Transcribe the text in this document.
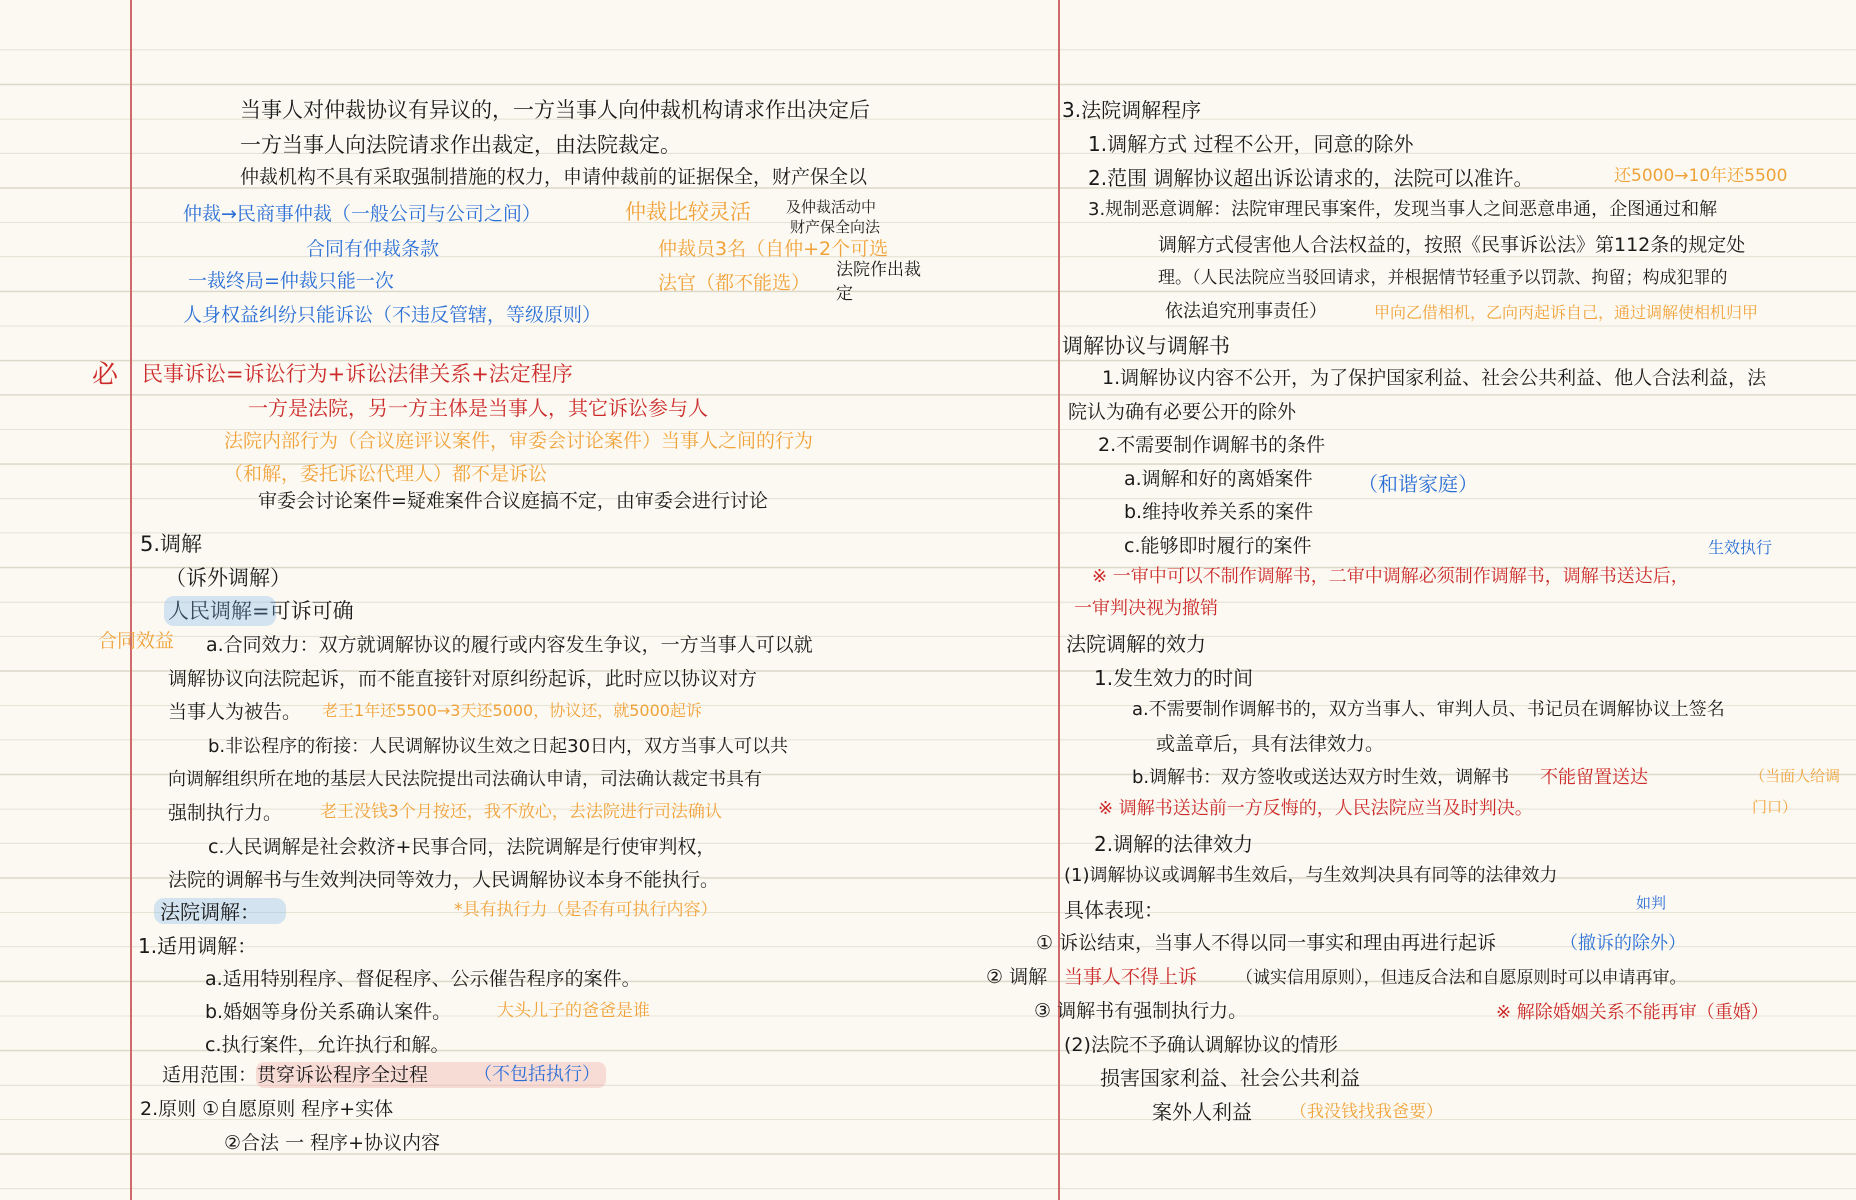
当事人对仲裁协议有异议的，一方当事人向仲裁机构请求作出决定后
一方当事人向法院请求作出裁定，由法院裁定。
仲裁机构不具有采取强制措施的权力，申请仲裁前的证据保全，财产保全以
仲裁→民商事仲裁（一般公司与公司之间）
合同有仲裁条款
一裁终局=仲裁只能一次
人身权益纠纷只能诉讼（不违反管辖，等级原则）
仲裁比较灵活
仲裁员3名（自仲+2个可选
法官（都不能选）
及仲裁活动中
财产保全向法
法院作出裁
定
必 民事诉讼=诉讼行为+诉讼法律关系+法定程序
一方是法院，另一方主体是当事人，其它诉讼参与人
法院内部行为（合议庭评议案件，审委会讨论案件）当事人之间的行为
（和解，委托诉讼代理人）都不是诉讼
审委会讨论案件=疑难案件合议庭搞不定，由审委会进行讨论
5.调解
（诉外调解）
人民调解=可诉可确
合同效益 a.合同效力：双方就调解协议的履行或内容发生争议，一方当事人可以就
调解协议向法院起诉，而不能直接针对原纠纷起诉，此时应以协议对方
当事人为被告。 老王1年还5500→3天还5000，协议还，就5000起诉
b.非讼程序的衔接：人民调解协议生效之日起30日内，双方当事人可以共
向调解组织所在地的基层人民法院提出司法确认申请，司法确认裁定书具有
强制执行力。 老王没钱3个月按还，我不放心，去法院进行司法确认
c.人民调解是社会救济+民事合同，法院调解是行使审判权，
法院的调解书与生效判决同等效力，人民调解协议本身不能执行。
法院调解：	*具有执行力（是否有可执行内容）
1.适用调解：
a.适用特别程序、督促程序、公示催告程序的案件。
b.婚姻等身份关系确认案件。	大头儿子的爸爸是谁
c.执行案件，允许执行和解。
适用范围：贯穿诉讼程序全过程	（不包括执行）
2.原则 ①自愿原则 程序+实体
②合法 一 程序+协议内容
3.法院调解程序
1.调解方式 过程不公开，同意的除外
2.范围 调解协议超出诉讼请求的，法院可以准许。	还5000→10年还5500
3.规制恶意调解：法院审理民事案件，发现当事人之间恶意串通，企图通过和解
调解方式侵害他人合法权益的，按照《民事诉讼法》第112条的规定处
理。（人民法院应当驳回请求，并根据情节轻重予以罚款、拘留；构成犯罪的
依法追究刑事责任）	甲向乙借相机，乙向丙起诉自己，通过调解使相机归甲
调解协议与调解书
1.调解协议内容不公开，为了保护国家利益、社会公共利益、他人合法利益，法
院认为确有必要公开的除外
2.不需要制作调解书的条件
a.调解和好的离婚案件 （和谐家庭）
b.维持收养关系的案件
c.能够即时履行的案件	生效执行
※ 一审中可以不制作调解书，二审中调解必须制作调解书，调解书送达后，
一审判决视为撤销
法院调解的效力
1.发生效力的时间
a.不需要制作调解书的，双方当事人、审判人员、书记员在调解协议上签名
或盖章后，具有法律效力。
b.调解书：双方签收或送达双方时生效，调解书 不能留置送达	（当面人给调
门口）
※ 调解书送达前一方反悔的，人民法院应当及时判决。
2.调解的法律效力
(1)调解协议或调解书生效后，与生效判决具有同等的法律效力
具体表现：	如判
① 诉讼结束，当事人不得以同一事实和理由再进行起诉	（撤诉的除外）
② 调解 当事人不得上诉 （诚实信用原则），但违反合法和自愿原则时可以申请再审。
③ 调解书有强制执行力。	※ 解除婚姻关系不能再审（重婚）
(2)法院不予确认调解协议的情形
损害国家利益、社会公共利益
案外人利益 （我没钱找我爸要）
